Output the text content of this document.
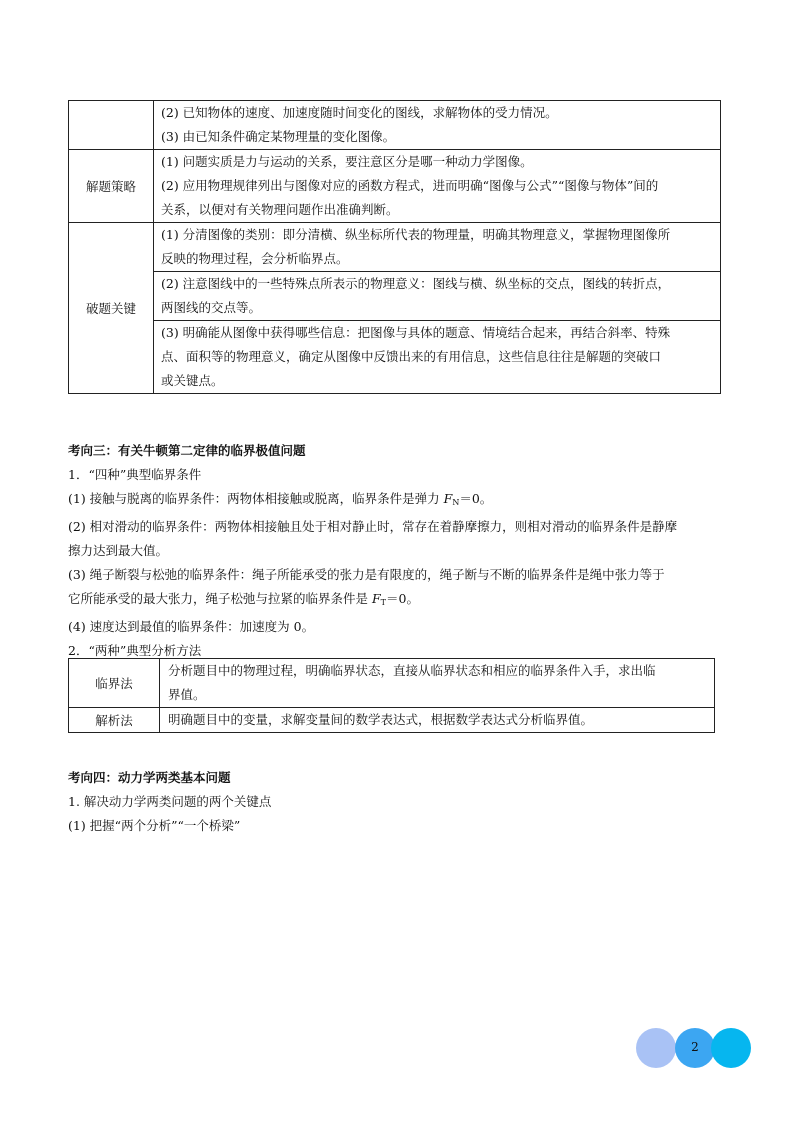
	(2) 已知物体的速度、加速度随时间变化的图线，求解物体的受力情况。
(3) 由已知条件确定某物理量的变化图像。

解题策略	(1) 问题实质是力与运动的关系，要注意区分是哪一种动力学图像。
(2) 应用物理规律列出与图像对应的函数方程式，进而明确“图像与公式”“图像与物体”间的
关系，以便对有关物理问题作出准确判断。

破题关键	(1) 分清图像的类别：即分清横、纵坐标所代表的物理量，明确其物理意义，掌握物理图像所
反映的物理过程，会分析临界点。

	(2) 注意图线中的一些特殊点所表示的物理意义：图线与横、纵坐标的交点，图线的转折点，
两图线的交点等。

	(3) 明确能从图像中获得哪些信息：把图像与具体的题意、情境结合起来，再结合斜率、特殊
点、面积等的物理意义，确定从图像中反馈出来的有用信息，这些信息往往是解题的突破口
或关键点。
考向三：有关牛顿第二定律的临界极值问题
1．“四种”典型临界条件
(1) 接触与脱离的临界条件：两物体相接触或脱离，临界条件是弹力 $F_N=0$。
(2) 相对滑动的临界条件：两物体相接触且处于相对静止时，常存在着静摩擦力，则相对滑动的临界条件是静摩
擦力达到最大值。
(3) 绳子断裂与松弛的临界条件：绳子所能承受的张力是有限度的，绳子断与不断的临界条件是绳中张力等于
它所能承受的最大张力，绳子松弛与拉紧的临界条件是 $F_T=0$。
(4) 速度达到最值的临界条件：加速度为 0。
2．“两种”典型分析方法
临界法	分析题目中的物理过程，明确临界状态，直接从临界状态和相应的临界条件入手，求出临
界值。

解析法	明确题目中的变量，求解变量间的数学表达式，根据数学表达式分析临界值。
考向四：动力学两类基本问题
1. 解决动力学两类问题的两个关键点
(1) 把握“两个分析”“一个桥梁”
2
